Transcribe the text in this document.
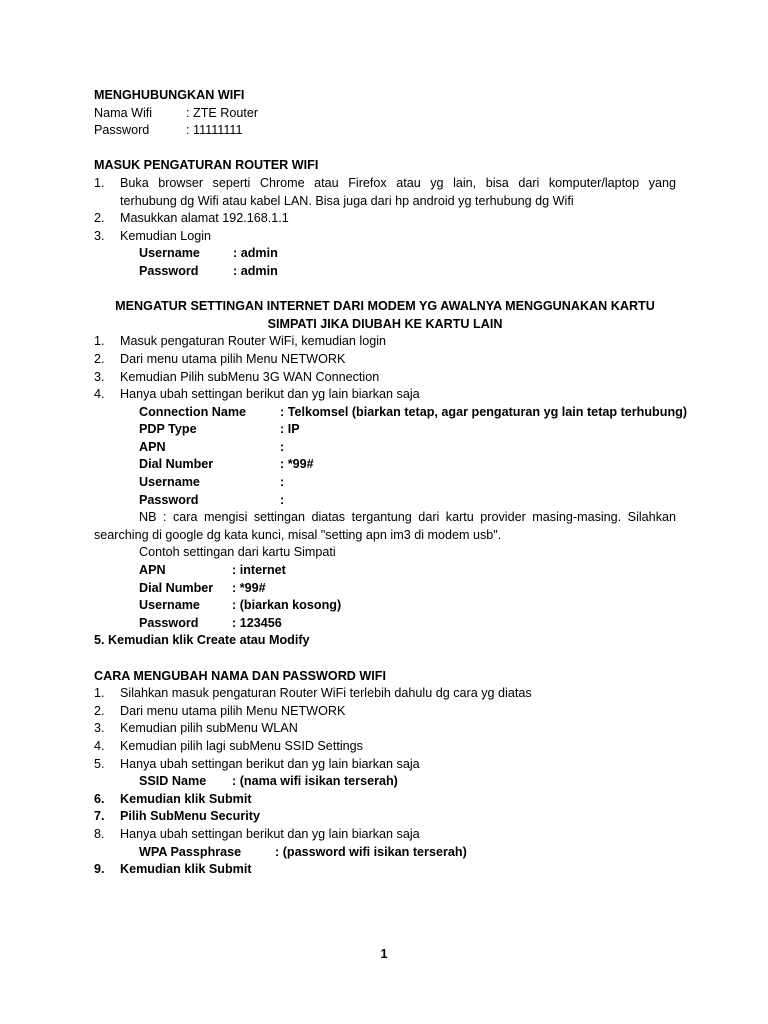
MENGHUBUNGKAN WIFI
Nama Wifi	: ZTE Router
Password	: 11111111
MASUK PENGATURAN ROUTER WIFI
1.	Buka browser seperti Chrome atau Firefox atau yg lain, bisa dari komputer/laptop yang
terhubung dg Wifi atau kabel LAN. Bisa juga dari hp android yg terhubung dg Wifi
2. Masukkan alamat 192.168.1.1
3. Kemudian Login
Username	: admin
Password	: admin
MENGATUR SETTINGAN INTERNET DARI MODEM YG AWALNYA MENGGUNAKAN KARTU
SIMPATI JIKA DIUBAH KE KARTU LAIN
1. Masuk pengaturan Router WiFi, kemudian login
2. Dari menu utama pilih Menu NETWORK
3. Kemudian Pilih subMenu 3G WAN Connection
4. Hanya ubah settingan berikut dan yg lain biarkan saja
Connection Name	: Telkomsel (biarkan tetap, agar pengaturan yg lain tetap terhubung)
PDP Type	: IP
APN	:
Dial Number	: *99#
Username	:
Password	:
NB : cara mengisi settingan diatas tergantung dari kartu provider masing-masing. Silahkan
searching di google dg kata kunci, misal "setting apn im3 di modem usb".
Contoh settingan dari kartu Simpati
APN	: internet
Dial Number : *99#
Username	: (biarkan kosong)
Password	: 123456
5. Kemudian klik Create atau Modify
CARA MENGUBAH NAMA DAN PASSWORD WIFI
1. Silahkan masuk pengaturan Router WiFi terlebih dahulu dg cara yg diatas
2. Dari menu utama pilih Menu NETWORK
3. Kemudian pilih subMenu WLAN
4. Kemudian pilih lagi subMenu SSID Settings
5. Hanya ubah settingan berikut dan yg lain biarkan saja
SSID Name : (nama wifi isikan terserah)
6. Kemudian klik Submit
7. Pilih SubMenu Security
8. Hanya ubah settingan berikut dan yg lain biarkan saja
WPA Passphrase	: (password wifi isikan terserah)
9. Kemudian klik Submit
1
